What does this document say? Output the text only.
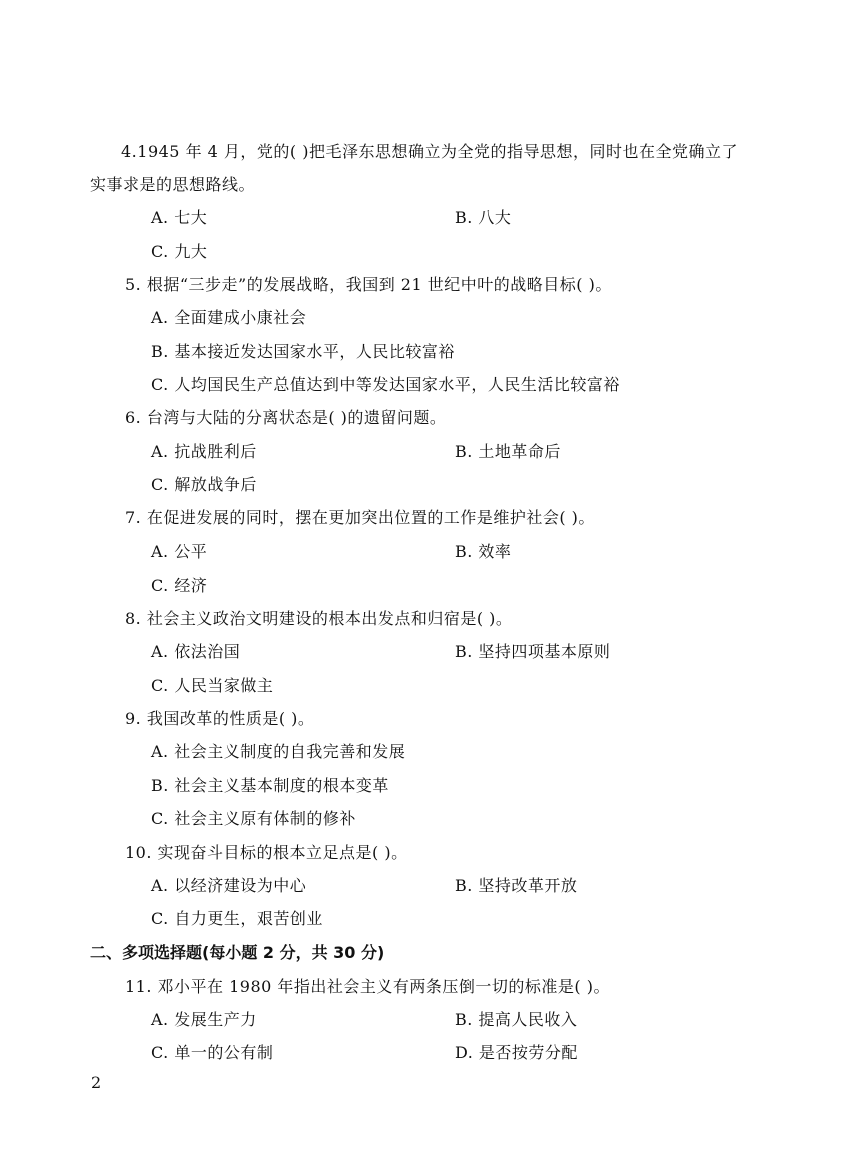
4.1945 年 4 月，党的( )把毛泽东思想确立为全党的指导思想，同时也在全党确立了
实事求是的思想路线。
A. 七大	B. 八大
C. 九大
5. 根据“三步走”的发展战略，我国到 21 世纪中叶的战略目标( )。
A. 全面建成小康社会
B. 基本接近发达国家水平，人民比较富裕
C. 人均国民生产总值达到中等发达国家水平，人民生活比较富裕
6. 台湾与大陆的分离状态是( )的遗留问题。
A. 抗战胜利后	B. 土地革命后
C. 解放战争后
7. 在促进发展的同时，摆在更加突出位置的工作是维护社会( )。
A. 公平	B. 效率
C. 经济
8. 社会主义政治文明建设的根本出发点和归宿是( )。
A. 依法治国	B. 坚持四项基本原则
C. 人民当家做主
9. 我国改革的性质是( )。
A. 社会主义制度的自我完善和发展
B. 社会主义基本制度的根本变革
C. 社会主义原有体制的修补
10. 实现奋斗目标的根本立足点是( )。
A. 以经济建设为中心	B. 坚持改革开放
C. 自力更生，艰苦创业
二、多项选择题(每小题 2 分，共 30 分)
11. 邓小平在 1980 年指出社会主义有两条压倒一切的标准是( )。
A. 发展生产力	B. 提高人民收入
C. 单一的公有制	D. 是否按劳分配
2
